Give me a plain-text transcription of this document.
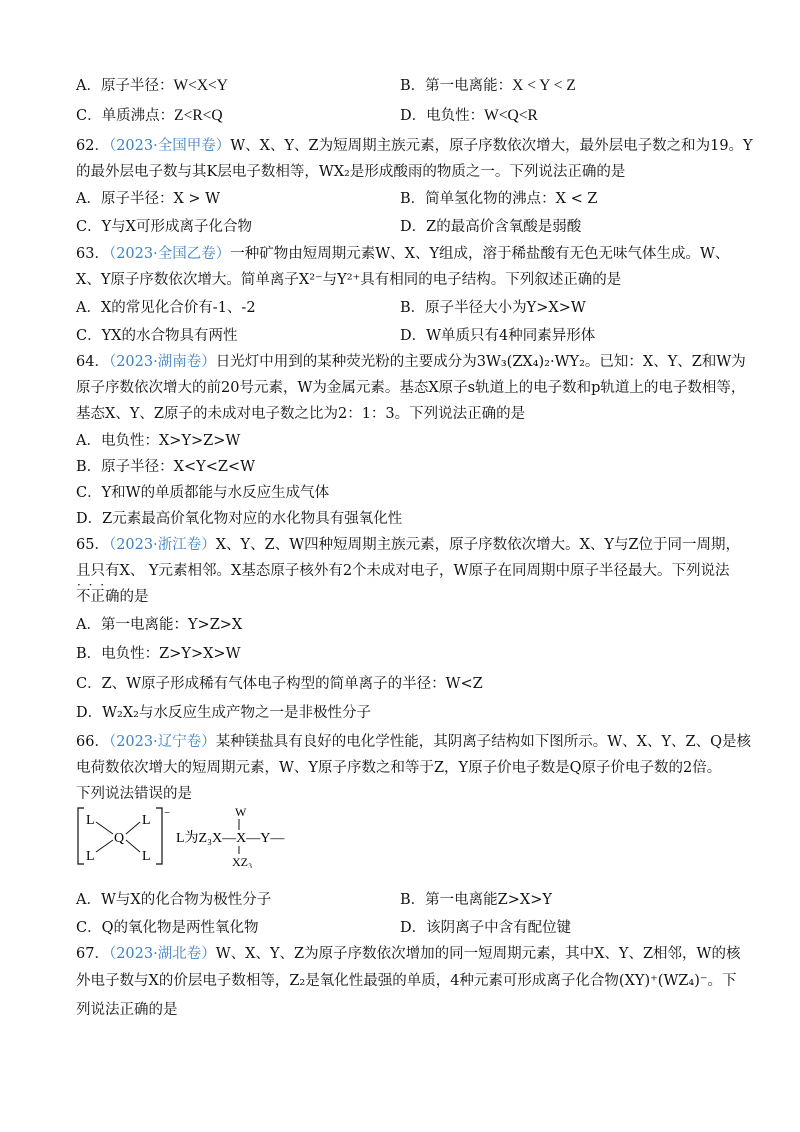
A．原子半径：W<X<Y	B．第一电离能：X < Y < Z
C．单质沸点：Z<R<Q	D．电负性：W<Q<R
62．（2023·全国甲卷）W、X、Y、Z为短周期主族元素，原子序数依次增大，最外层电子数之和为19。Y
的最外层电子数与其K层电子数相等，WX₂是形成酸雨的物质之一。下列说法正确的是
A．原子半径：X > W	B．简单氢化物的沸点：X < Z
C．Y与X可形成离子化合物	D．Z的最高价含氧酸是弱酸
63．（2023·全国乙卷）一种矿物由短周期元素W、X、Y组成，溶于稀盐酸有无色无味气体生成。W、
X、Y原子序数依次增大。简单离子X²⁻与Y²⁺具有相同的电子结构。下列叙述正确的是
A．X的常见化合价有-1、-2	B．原子半径大小为Y>X>W
C．YX的水合物具有两性	D．W单质只有4种同素异形体
64．（2023·湖南卷）日光灯中用到的某种荧光粉的主要成分为3W₃(ZX₄)₂·WY₂。已知：X、Y、Z和W为
原子序数依次增大的前20号元素，W为金属元素。基态X原子s轨道上的电子数和p轨道上的电子数相等，
基态X、Y、Z原子的未成对电子数之比为2：1：3。下列说法正确的是
A．电负性：X>Y>Z>W
B．原子半径：X<Y<Z<W
C．Y和W的单质都能与水反应生成气体
D．Z元素最高价氧化物对应的水化物具有强氧化性
65．（2023·浙江卷）X、Y、Z、W四种短周期主族元素，原子序数依次增大。X、Y与Z位于同一周期，
且只有X、 Y元素相邻。X基态原子核外有2个未成对电子，W原子在同周期中原子半径最大。下列说法
· · · 不正确的是
A．第一电离能：Y>Z>X
B．电负性：Z>Y>X>W
C．Z、W原子形成稀有气体电子构型的简单离子的半径：W<Z
D．W₂X₂与水反应生成产物之一是非极性分子
66．（2023·辽宁卷）某种镁盐具有良好的电化学性能，其阴离子结构如下图所示。W、X、Y、Z、Q是核
电荷数依次增大的短周期元素，W、Y原子序数之和等于Z，Y原子价电子数是Q原子价电子数的2倍。
下列说法错误的是
−
L	L
L	L
Q	L为Z₃X—X—Y—
W
XZ₃
A．W与X的化合物为极性分子	B．第一电离能Z>X>Y
C．Q的氧化物是两性氧化物	D．该阴离子中含有配位键
67．（2023·湖北卷）W、X、Y、Z为原子序数依次增加的同一短周期元素，其中X、Y、Z相邻，W的核
外电子数与X的价层电子数相等，Z₂是氧化性最强的单质，4种元素可形成离子化合物(XY)⁺(WZ₄)⁻。下
列说法正确的是
